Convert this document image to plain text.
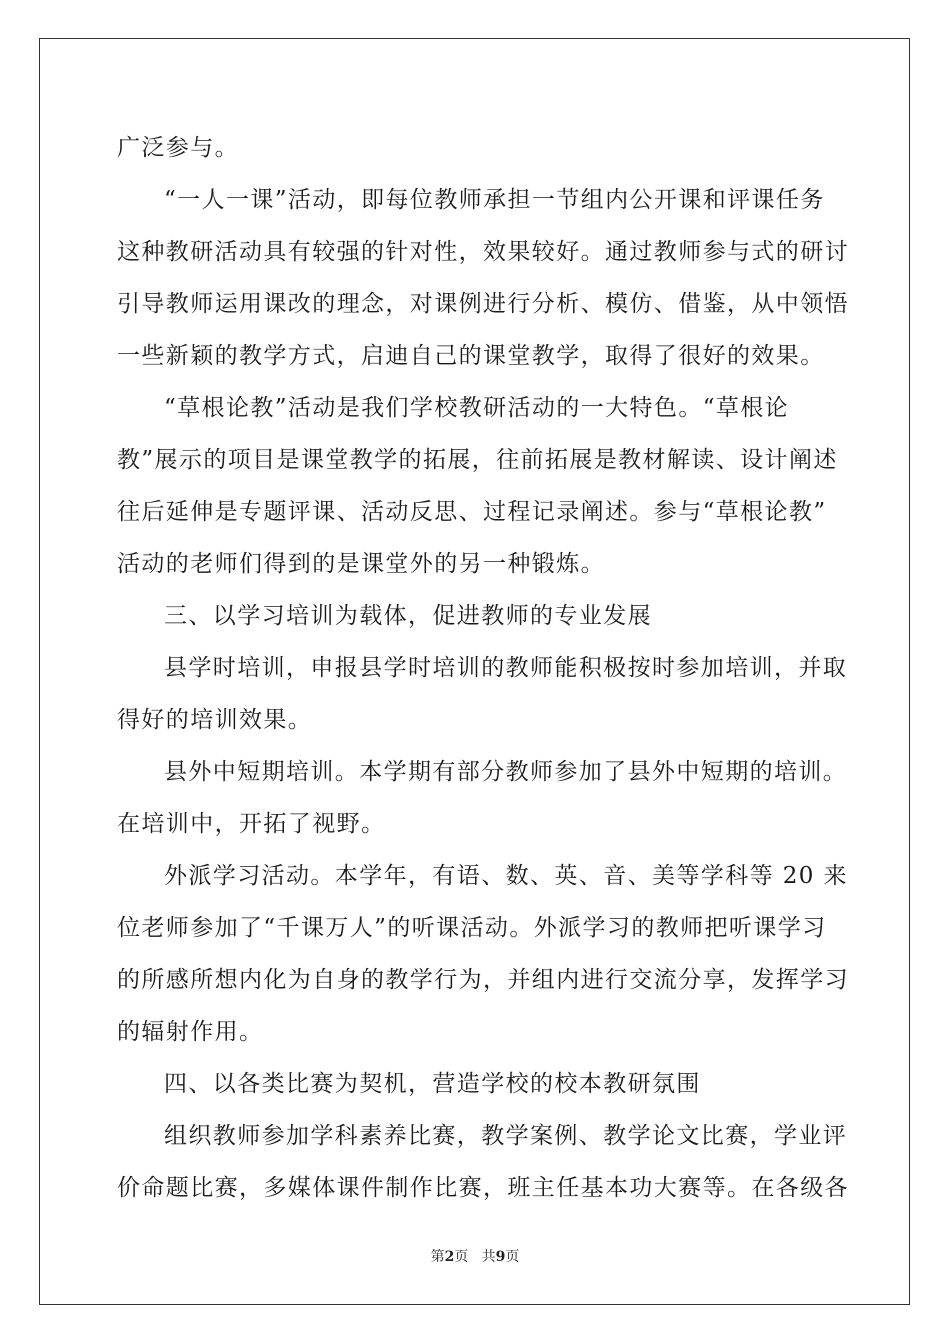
广泛参与。
“一人一课”活动，即每位教师承担一节组内公开课和评课任务
这种教研活动具有较强的针对性，效果较好。通过教师参与式的研讨
引导教师运用课改的理念，对课例进行分析、模仿、借鉴，从中领悟
一些新颖的教学方式，启迪自己的课堂教学，取得了很好的效果。
“草根论教”活动是我们学校教研活动的一大特色。“草根论
教”展示的项目是课堂教学的拓展，往前拓展是教材解读、设计阐述
往后延伸是专题评课、活动反思、过程记录阐述。参与“草根论教”
活动的老师们得到的是课堂外的另一种锻炼。
三、以学习培训为载体，促进教师的专业发展
县学时培训，申报县学时培训的教师能积极按时参加培训，并取
得好的培训效果。
县外中短期培训。本学期有部分教师参加了县外中短期的培训。
在培训中，开拓了视野。
外派学习活动。本学年，有语、数、英、音、美等学科等 20 来
位老师参加了“千课万人”的听课活动。外派学习的教师把听课学习
的所感所想内化为自身的教学行为，并组内进行交流分享，发挥学习
的辐射作用。
四、以各类比赛为契机，营造学校的校本教研氛围
组织教师参加学科素养比赛，教学案例、教学论文比赛，学业评
价命题比赛，多媒体课件制作比赛，班主任基本功大赛等。在各级各
第2页 共9页
